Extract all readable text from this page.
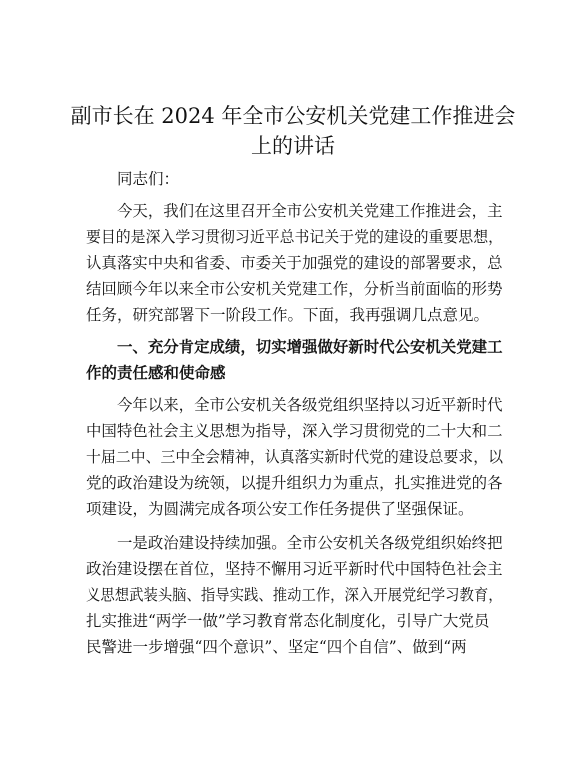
副市长在 2024 年全市公安机关党建工作推进会
上的讲话
同志们：
今天，我们在这里召开全市公安机关党建工作推进会，主
要目的是深入学习贯彻习近平总书记关于党的建设的重要思想，
认真落实中央和省委、市委关于加强党的建设的部署要求，总
结回顾今年以来全市公安机关党建工作，分析当前面临的形势
任务，研究部署下一阶段工作。下面，我再强调几点意见。
一、充分肯定成绩，切实增强做好新时代公安机关党建工
作的责任感和使命感
今年以来，全市公安机关各级党组织坚持以习近平新时代
中国特色社会主义思想为指导，深入学习贯彻党的二十大和二
十届二中、三中全会精神，认真落实新时代党的建设总要求，以
党的政治建设为统领，以提升组织力为重点，扎实推进党的各
项建设，为圆满完成各项公安工作任务提供了坚强保证。
一是政治建设持续加强。全市公安机关各级党组织始终把
政治建设摆在首位，坚持不懈用习近平新时代中国特色社会主
义思想武装头脑、指导实践、推动工作，深入开展党纪学习教育，
扎实推进“两学一做”学习教育常态化制度化，引导广大党员
民警进一步增强“四个意识”、坚定“四个自信”、做到“两
